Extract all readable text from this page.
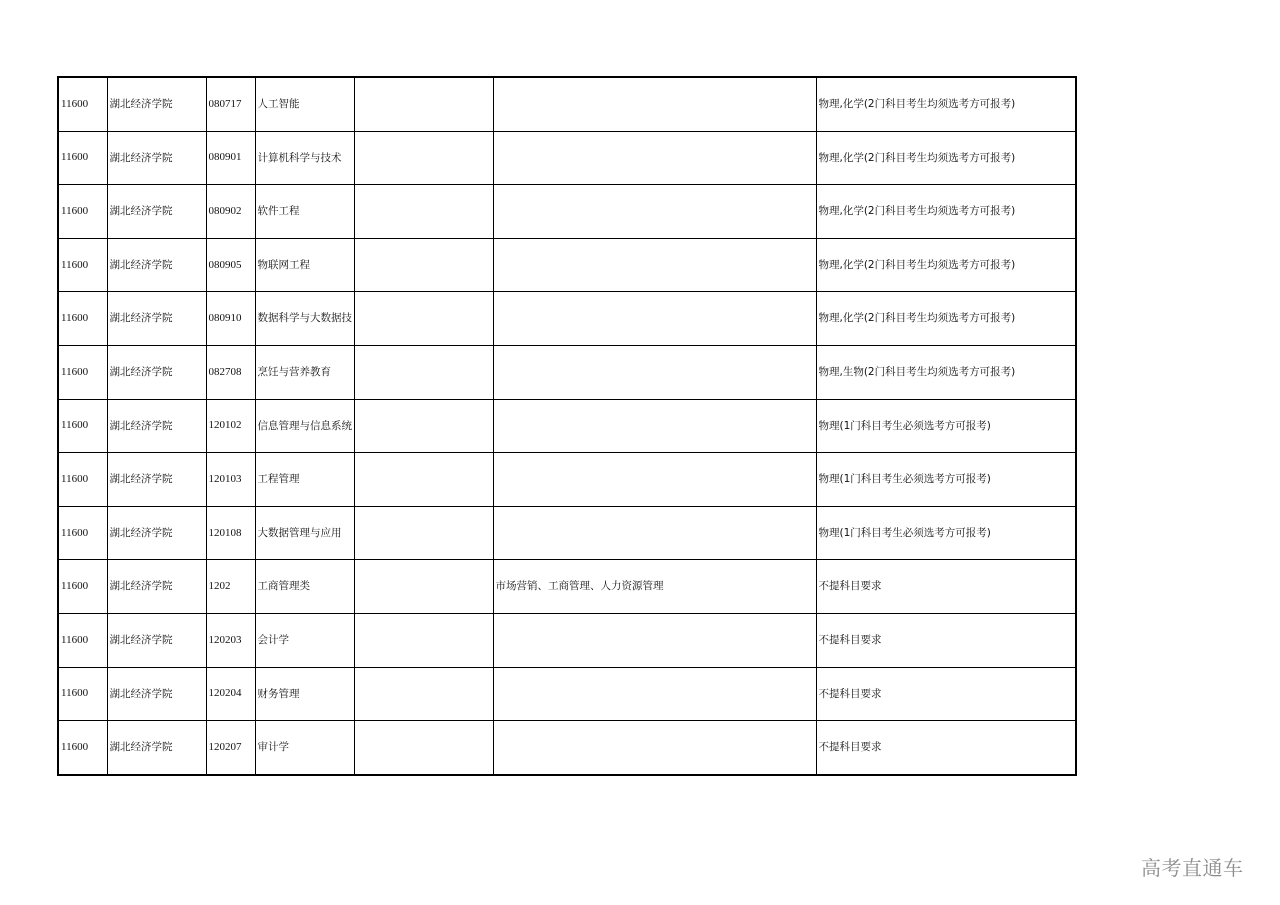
11600	湖北经济学院	080717	人工智能			物理,化学(2门科目考生均须选考方可报考)
11600	湖北经济学院	080901	计算机科学与技术			物理,化学(2门科目考生均须选考方可报考)
11600	湖北经济学院	080902	软件工程			物理,化学(2门科目考生均须选考方可报考)
11600	湖北经济学院	080905	物联网工程			物理,化学(2门科目考生均须选考方可报考)
11600	湖北经济学院	080910	数据科学与大数据技			物理,化学(2门科目考生均须选考方可报考)
11600	湖北经济学院	082708	烹饪与营养教育			物理,生物(2门科目考生均须选考方可报考)
11600	湖北经济学院	120102	信息管理与信息系统			物理(1门科目考生必须选考方可报考)
11600	湖北经济学院	120103	工程管理			物理(1门科目考生必须选考方可报考)
11600	湖北经济学院	120108	大数据管理与应用			物理(1门科目考生必须选考方可报考)
11600	湖北经济学院	1202	工商管理类		市场营销、工商管理、人力资源管理	不提科目要求
11600	湖北经济学院	120203	会计学			不提科目要求
11600	湖北经济学院	120204	财务管理			不提科目要求
11600	湖北经济学院	120207	审计学			不提科目要求
高考直通车
